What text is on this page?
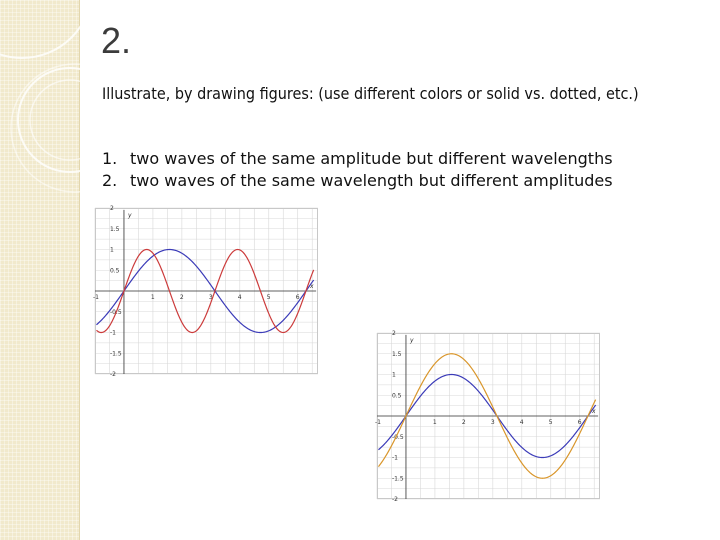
2.
Illustrate, by drawing figures: (use different colors or solid vs. dotted, etc.)
1. two waves of the same amplitude but different wavelengths
2. two waves of the same wavelength but different amplitudes
-1	1	2	3	4	5	6
2
1.5
1
0.5
-0.5
-1
-1.5
-2
x
y
-1	1	2	3	4	5	6
2
1.5
1
0.5
-0.5
-1
-1.5
-2
x
y
